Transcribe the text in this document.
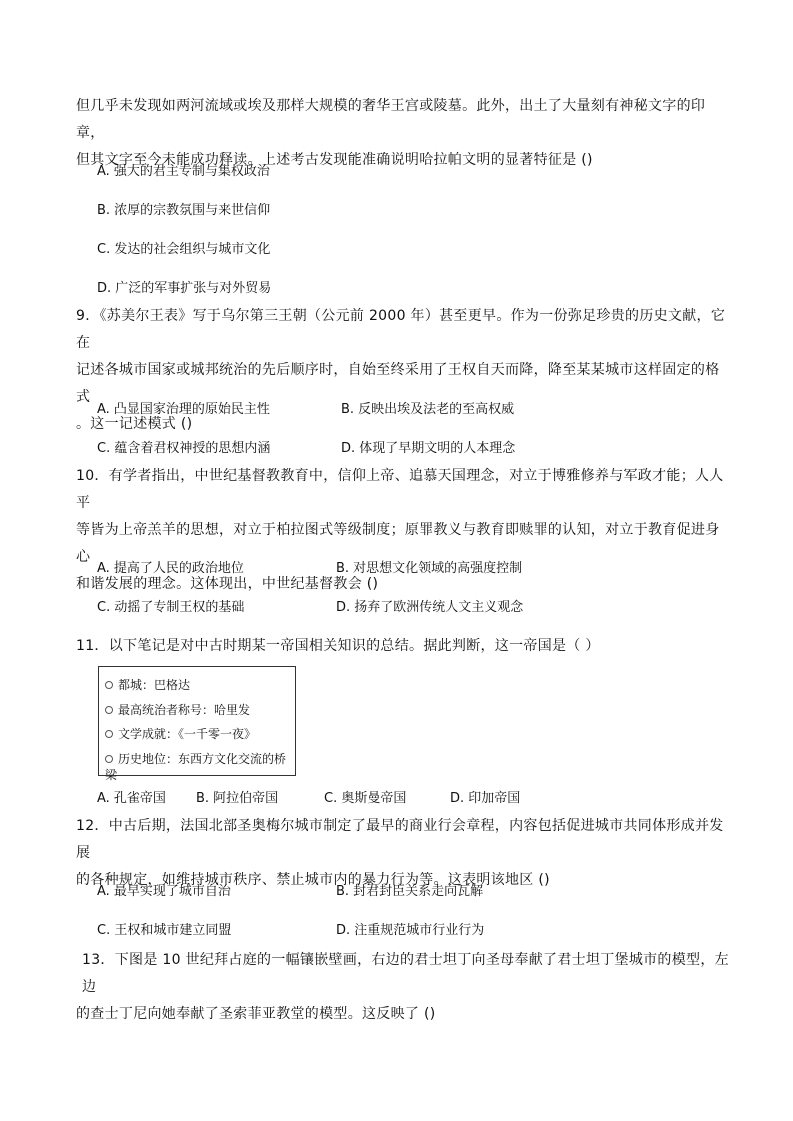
但几乎未发现如两河流域或埃及那样大规模的奢华王宫或陵墓。此外，出土了大量刻有神秘文字的印章，
但其文字至今未能成功释读。上述考古发现能准确说明哈拉帕文明的显著特征是 ()
A. 强大的君主专制与集权政治
B. 浓厚的宗教氛围与来世信仰
C. 发达的社会组织与城市文化
D. 广泛的军事扩张与对外贸易
9．《苏美尔王表》写于乌尔第三王朝（公元前 2000 年）甚至更早。作为一份弥足珍贵的历史文献，它在
记述各城市国家或城邦统治的先后顺序时，自始至终采用了王权自天而降，降至某某城市这样固定的格式
。这一记述模式 ()
A. 凸显国家治理的原始民主性	B. 反映出埃及法老的至高权威
C. 蕴含着君权神授的思想内涵	D. 体现了早期文明的人本理念
10．有学者指出，中世纪基督教教育中，信仰上帝、追慕天国理念，对立于博雅修养与军政才能；人人平
等皆为上帝羔羊的思想，对立于柏拉图式等级制度；原罪教义与教育即赎罪的认知，对立于教育促进身心
和谐发展的理念。这体现出，中世纪基督教会 ()
A. 提高了人民的政治地位	B. 对思想文化领域的高强度控制
C. 动摇了专制王权的基础	D. 扬弃了欧洲传统人文主义观念
11．以下笔记是对中古时期某一帝国相关知识的总结。据此判断，这一帝国是（ ）
都城：巴格达
最高统治者称号：哈里发
文学成就：《一千零一夜》
历史地位：东西方文化交流的桥梁
A. 孔雀帝国 B. 阿拉伯帝国	C. 奥斯曼帝国	D. 印加帝国
12．中古后期，法国北部圣奥梅尔城市制定了最早的商业行会章程，内容包括促进城市共同体形成并发展
的各种规定，如维持城市秩序、禁止城市内的暴力行为等。这表明该地区 ()
A. 最早实现了城市自治	B. 封君封臣关系走向瓦解
C. 王权和城市建立同盟	D. 注重规范城市行业行为
13．下图是 10 世纪拜占庭的一幅镶嵌壁画，右边的君士坦丁向圣母奉献了君士坦丁堡城市的模型，左边
的查士丁尼向她奉献了圣索菲亚教堂的模型。这反映了 ()
